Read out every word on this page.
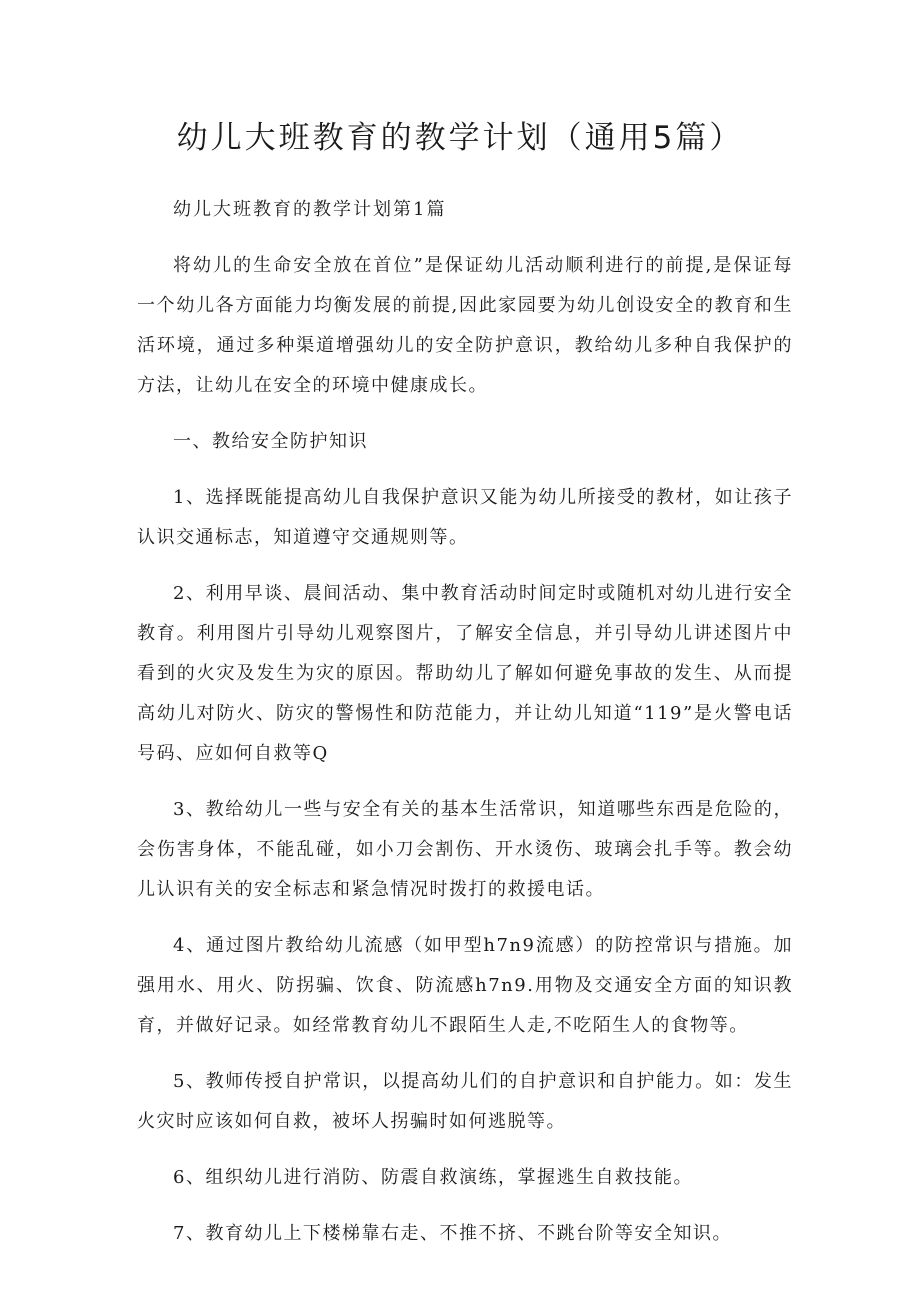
幼儿大班教育的教学计划（通用5篇）

幼儿大班教育的教学计划第1篇

将幼儿的生命安全放在首位”是保证幼儿活动顺利进行的前提,是保证每一个幼儿各方面能力均衡发展的前提,因此家园要为幼儿创设安全的教育和生活环境，通过多种渠道增强幼儿的安全防护意识，教给幼儿多种自我保护的方法，让幼儿在安全的环境中健康成长。

一、教给安全防护知识

1、选择既能提高幼儿自我保护意识又能为幼儿所接受的教材，如让孩子认识交通标志，知道遵守交通规则等。

2、利用早谈、晨间活动、集中教育活动时间定时或随机对幼儿进行安全教育。利用图片引导幼儿观察图片，了解安全信息，并引导幼儿讲述图片中看到的火灾及发生为灾的原因。帮助幼儿了解如何避免事故的发生、从而提高幼儿对防火、防灾的警惕性和防范能力，并让幼儿知道“119”是火警电话号码、应如何自救等Q

3、教给幼儿一些与安全有关的基本生活常识，知道哪些东西是危险的，会伤害身体，不能乱碰，如小刀会割伤、开水烫伤、玻璃会扎手等。教会幼儿认识有关的安全标志和紧急情况时拨打的救援电话。

4、通过图片教给幼儿流感（如甲型h7n9流感）的防控常识与措施。加强用水、用火、防拐骗、饮食、防流感h7n9.用物及交通安全方面的知识教育，并做好记录。如经常教育幼儿不跟陌生人走,不吃陌生人的食物等。

5、教师传授自护常识，以提高幼儿们的自护意识和自护能力。如：发生火灾时应该如何自救，被坏人拐骗时如何逃脱等。

6、组织幼儿进行消防、防震自救演练，掌握逃生自救技能。

7、教育幼儿上下楼梯靠右走、不推不挤、不跳台阶等安全知识。
